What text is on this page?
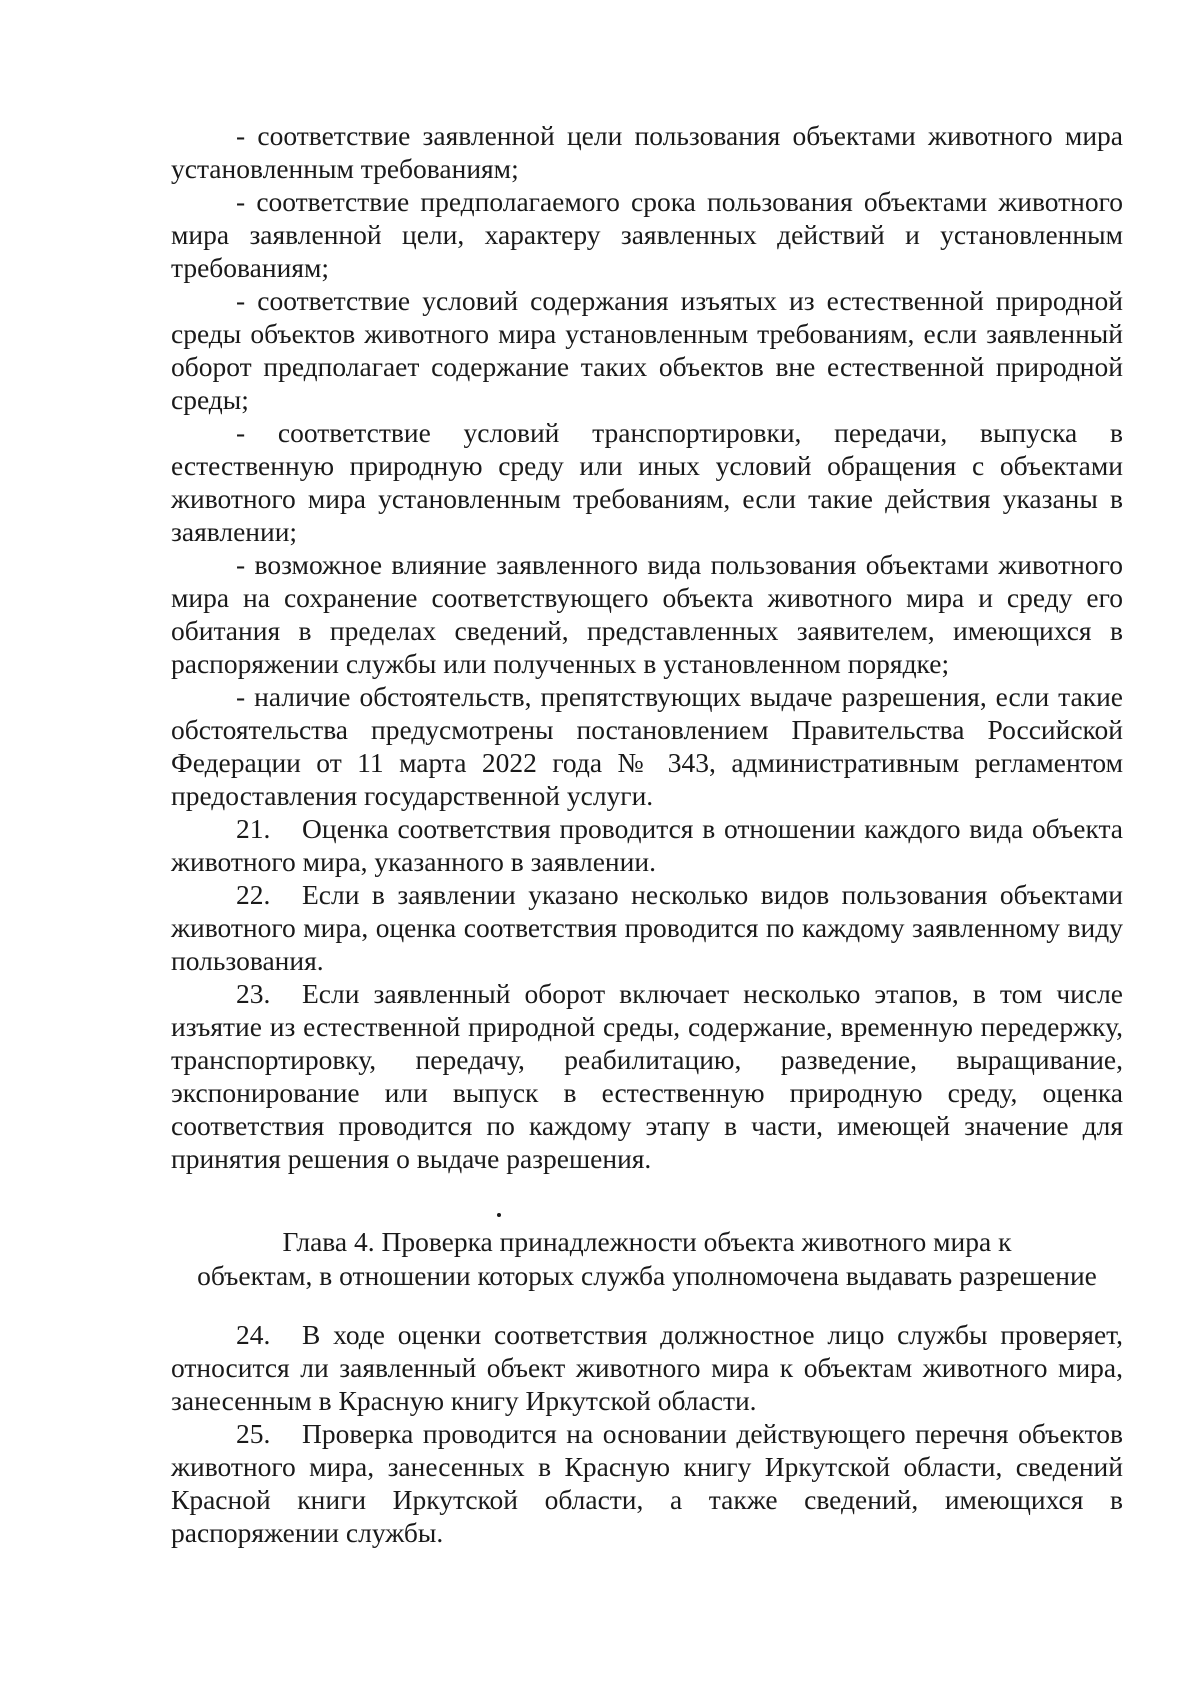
- соответствие заявленной цели пользования объектами животного мира установленным требованиям;

- соответствие предполагаемого срока пользования объектами животного мира заявленной цели, характеру заявленных действий и установленным требованиям;

- соответствие условий содержания изъятых из естественной природной среды объектов животного мира установленным требованиям, если заявленный оборот предполагает содержание таких объектов вне естественной природной среды;

- соответствие условий транспортировки, передачи, выпуска в естественную природную среду или иных условий обращения с объектами животного мира установленным требованиям, если такие действия указаны в заявлении;

- возможное влияние заявленного вида пользования объектами животного мира на сохранение соответствующего объекта животного мира и среду его обитания в пределах сведений, представленных заявителем, имеющихся в распоряжении службы или полученных в установленном порядке;

- наличие обстоятельств, препятствующих выдаче разрешения, если такие обстоятельства предусмотрены постановлением Правительства Российской Федерации от 11 марта 2022 года № 343, административным регламентом предоставления государственной услуги.

21. Оценка соответствия проводится в отношении каждого вида объекта животного мира, указанного в заявлении.

22. Если в заявлении указано несколько видов пользования объектами животного мира, оценка соответствия проводится по каждому заявленному виду пользования.

23. Если заявленный оборот включает несколько этапов, в том числе изъятие из естественной природной среды, содержание, временную передержку, транспортировку, передачу, реабилитацию, разведение, выращивание, экспонирование или выпуск в естественную природную среду, оценка соответствия проводится по каждому этапу в части, имеющей значение для принятия решения о выдаче разрешения.

Глава 4. Проверка принадлежности объекта животного мира к

объектам, в отношении которых служба уполномочена выдавать разрешение

24. В ходе оценки соответствия должностное лицо службы проверяет, относится ли заявленный объект животного мира к объектам животного мира, занесенным в Красную книгу Иркутской области.

25. Проверка проводится на основании действующего перечня объектов животного мира, занесенных в Красную книгу Иркутской области, сведений Красной книги Иркутской области, а также сведений, имеющихся в распоряжении службы.
